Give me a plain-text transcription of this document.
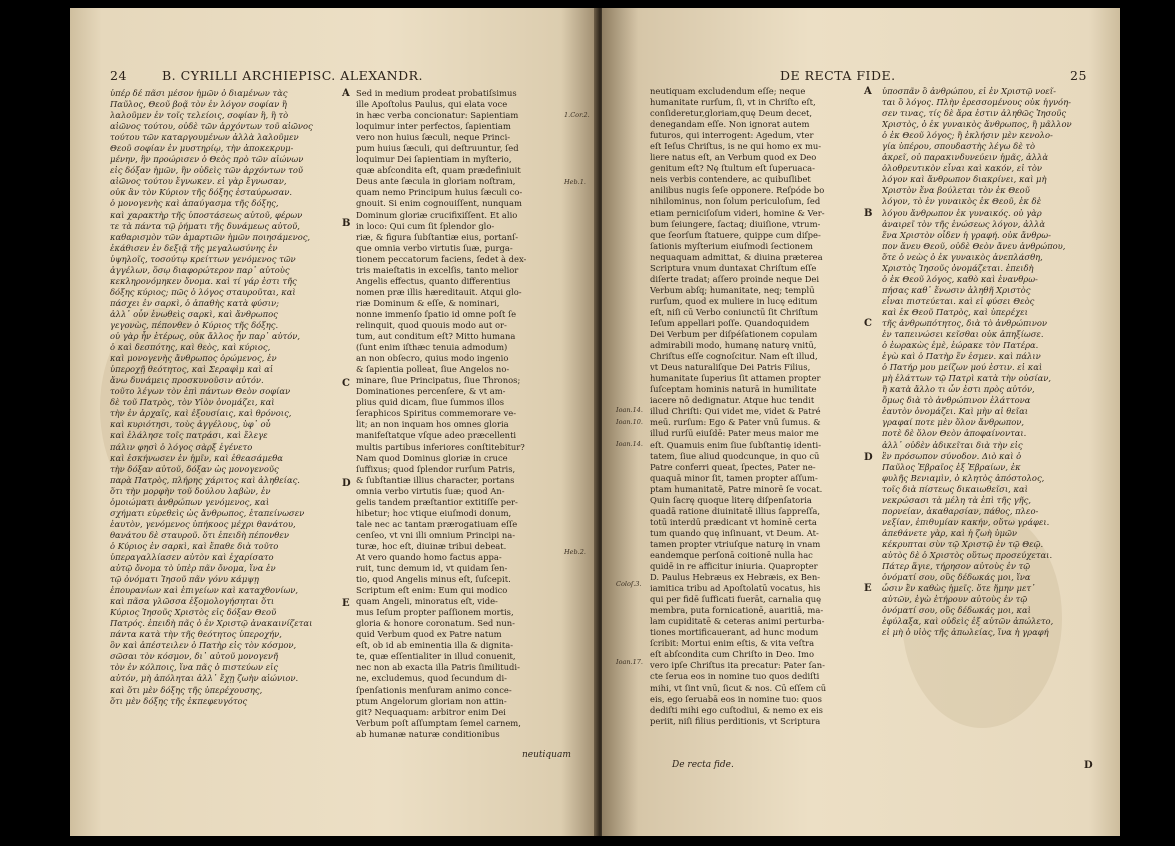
24	B. CYRILLI ARCHIEPISC. ALEXANDR.
ὑπέρ δέ πᾶσι μέσον ἡμῶν ὁ διαμένων τὰς
Παῦλος, Θεοῦ βοᾷ τὸν ἐν λόγον σοφίαν ἢ
λαλοῦμεν ἐν τοῖς τελείοις, σοφίαν ἢ, ἣ τὸ
αἰῶνος τούτου, οὐδὲ τῶν ἀρχόντων τοῦ αἰῶνος
τούτου τῶν καταργουμένων ἀλλὰ λαλοῦμεν
Θεοῦ σοφίαν ἐν μυστηρίῳ, τὴν ἀποκεκρυμ-
μένην, ἣν προώρισεν ὁ Θεὸς πρὸ τῶν αἰώνων
εἰς δόξαν ἡμῶν, ἣν οὐδεὶς τῶν ἀρχόντων τοῦ
αἰῶνος τούτου ἔγνωκεν. εἰ γὰρ ἔγνωσαν,
οὐκ ἂν τὸν Κύριον τῆς δόξης ἐσταύρωσαν.
ὁ μονογενὴς καὶ ἀπαύγασμα τῆς δόξης,
καὶ χαρακτὴρ τῆς ὑποστάσεως αὐτοῦ, φέρων
τε τὰ πάντα τῷ ῥήματι τῆς δυνάμεως αὐτοῦ,
καθαρισμὸν τῶν ἁμαρτιῶν ἡμῶν ποιησάμενος,
ἐκάθισεν ἐν δεξιᾷ τῆς μεγαλωσύνης ἐν
ὑψηλοῖς, τοσούτῳ κρείττων γενόμενος τῶν
ἀγγέλων, ὅσῳ διαφορώτερον παρ᾽ αὐτοὺς
κεκληρονόμηκεν ὄνομα. καὶ τί γάρ ἐστι τῆς
δόξης κύριος; πῶς ὁ λόγος σταυροῦται, καὶ
πάσχει ἐν σαρκὶ, ὁ ἀπαθὴς κατὰ φύσιν;
ἀλλ᾽ οὖν ἑνωθεὶς σαρκὶ, καὶ ἄνθρωπος
γεγονὼς, πέπονθεν ὁ Κύριος τῆς δόξης.
οὐ γὰρ ἦν ἑτέρως, οὐκ ἄλλος ἦν παρ᾽ αὐτόν,
ὁ καὶ δεσπότης, καὶ θεὸς, καὶ κύριος,
καὶ μονογενὴς ἄνθρωπος ὁρώμενος, ἐν
ὑπεροχῇ θεότητος, καὶ Σεραφὶμ καὶ αἱ
ἄνω δυνάμεις προσκυνοῦσιν αὐτόν.
τοῦτο λέγων τὸν ἐπὶ πάντων Θεὸν σοφίαν
δὲ τοῦ Πατρὸς, τὸν Υἱὸν ὀνομάζει, καὶ
τὴν ἐν ἀρχαῖς, καὶ ἐξουσίαις, καὶ θρόνοις,
καὶ κυριότησι, τοὺς ἀγγέλους, ὑφ᾽ οὗ
καὶ ἐλάλησε τοῖς πατράσι, καὶ ἔλεγε
πάλιν φησὶ ὁ λόγος σὰρξ ἐγένετο
καὶ ἐσκήνωσεν ἐν ἡμῖν, καὶ ἐθεασάμεθα
τὴν δόξαν αὐτοῦ, δόξαν ὡς μονογενοῦς
παρὰ Πατρὸς, πλήρης χάριτος καὶ ἀληθείας.
ὅτι τὴν μορφὴν τοῦ δούλου λαβὼν, ἐν
ὁμοιώματι ἀνθρώπων γενόμενος, καὶ
σχήματι εὑρεθεὶς ὡς ἄνθρωπος, ἐταπείνωσεν
ἑαυτὸν, γενόμενος ὑπήκοος μέχρι θανάτου,
θανάτου δὲ σταυροῦ. ὅτι ἐπειδὴ πέπονθεν
ὁ Κύριος ἐν σαρκὶ, καὶ ἔπαθε διὰ τοῦτο
ὑπεραγαλλίασεν αὐτὸν καὶ ἐχαρίσατο
αὐτῷ ὄνομα τὸ ὑπὲρ πᾶν ὄνομα, ἵνα ἐν
τῷ ὀνόματι Ἰησοῦ πᾶν γόνυ κάμψῃ
ἐπουρανίων καὶ ἐπιγείων καὶ καταχθονίων,
καὶ πᾶσα γλῶσσα ἐξομολογήσηται ὅτι
Κύριος Ἰησοῦς Χριστὸς εἰς δόξαν Θεοῦ
Πατρός. ἐπειδὴ πᾶς ὁ ἐν Χριστῷ ἀνακαινίζεται
πάντα κατὰ τὴν τῆς θεότητος ὑπεροχήν,
ὃν καὶ ἀπέστειλεν ὁ Πατὴρ εἰς τὸν κόσμον,
σῶσαι τὸν κόσμον, δι᾽ αὐτοῦ μονογενῆ
τὸν ἐν κόλποις, ἵνα πᾶς ὁ πιστεύων εἰς
αὐτόν, μὴ ἀπόληται ἀλλ᾽ ἔχῃ ζωὴν αἰώνιον.
καὶ ὅτι μὲν δόξης τῆς ὑπερέχουσης,
ὅτι μὲν δόξης τῆς ἐκπεφευγότος
Sed in medium prodeat probatiſsimus
ille Apoſtolus Paulus, qui elata voce
in hæc verba concionatur: Sapientiam
loquimur inter perfectos, ſapientiam
vero non huius ſæculi, neque Princi-
pum huius ſæculi, qui deſtruuntur, ſed
loquimur Dei ſapientiam in myſterio,
quæ abſcondita eſt, quam prædefiniuit
Deus ante ſæcula in gloriam noſtram,
quam nemo Principum huius ſæculi co-
gnouit. Si enim cognouiſſent, nunquam
Dominum gloriæ crucifixiſſent. Et alio
in loco: Qui cum ſit ſplendor glo-
riæ, & figura ſubſtantiæ eius, portanſ-
que omnia verbo virtutis ſuæ, purga-
tionem peccatorum faciens, ſedet à dex-
tris maieſtatis in excelſis, tanto melior
Angelis effectus, quanto differentius
nomen præ illis hæreditauit. Atqui glo-
riæ Dominum & eſſe, & nominari,
nonne immenſo ſpatio id omne poſt ſe
relinquit, quod quouis modo aut or-
tum, aut conditum eſt? Mitto humana
(ſunt enim iſthæc tenuia admodum)
an non obſecro, quius modo ingenio
& ſapientia polleat, ſiue Angelos no-
minare, ſiue Principatus, ſiue Thronos;
Dominationes percenſere, & vt am-
plius quid dicam, ſiue ſummos illos
ſeraphicos Spiritus commemorare ve-
lit; an non inquam hos omnes gloria
manifeſtatque vſque adeo præcellenti
multis partibus inferiores conſtitebitur?
Nam quod Dominus gloriæ in cruce
ſuffixus; quod ſplendor rurſum Patris,
& ſubſtantiæ illius character, portans
omnia verbo virtutis ſuæ; quod An-
gelis tandem præſtantior extitiſſe per-
hibetur; hoc vtique eiuſmodi donum,
tale nec ac tantam prærogatiuam eſſe
cenſeo, vt vni illi omnium Principi na-
turæ, hoc eſt, diuinæ tribui debeat.
At vero quando homo factus appa-
ruit, tunc demum id, vt quidam ſen-
tio, quod Angelis minus eſt, ſuſcepit.
Scriptum eſt enim: Eum qui modico
quam Angeli, minoratus eſt, vide-
mus Ieſum propter paſſionem mortis,
gloria & honore coronatum. Sed nun-
quid Verbum quod ex Patre natum
eſt, ob id ab eminentia illa & dignita-
te, quæ eſſentialiter in illud conuenit,
nec non ab exacta illa Patris ſimilitudi-
ne, excludemus, quod ſecundum di-
ſpenſationis menſuram animo conce-
ptum Angelorum gloriam non attin-
git? Nequaquam: arbitror enim Dei
Verbum poſt aſſumptam ſemel carnem,
ab humanæ naturæ conditionibus
A
B
C
D
E
1.Cor.2.
Heb.1.
Heb.2.
neutiquam
DE RECTA FIDE.	25
neutiquam excludendum eſſe; neque
humanitate rurſum, ſi, vt in Chriſto eſt,
conſideretur,gloriam,quę Deum decet,
denegandam eſſe. Non ignorat autem
futuros, qui interrogent: Agedum, vter
eſt Ieſus Chriſtus, is ne qui homo ex mu-
liere natus eſt, an Verbum quod ex Deo
genitum eſt? Nę ſtultum eſt ſuperuaca-
neis verbis contendere, ac quibuſlibet
anilibus nugis ſeſe opponere. Reſpóde bo
nihilominus, non ſolum periculoſum, ſed
etiam perniciſoſum videri, homine & Ver-
bum ſeiungere, ſactaq; diuiſione, vtrum-
que ſeorſum ſtatuere, quippe cum diſpe-
ſationis myſterium eiuſmodi ſectionem
nequaquam admittat, & diuina præterea
Scriptura vnum duntaxat Chriſtum eſſe
diſerte tradat; aſſero proinde neque Dei
Verbum abſq; humanitate, neq; templū
rurſum, quod ex muliere in lucę editum
eſt, niſi cū Verbo coniunctū ſit Chriſtum
Ieſum appellari poſſe. Quandoquidem
Dei Verbum per diſpéſationem copulam
admirabili modo, humanę naturę vnitū,
Chriſtus eſſe cognoſcitur. Nam eſt illud,
vt Deus naturaliſque Dei Patris Filius,
humanitate ſuperius ſit attamen propter
ſuſceptam hominis naturā in humilitate
iacere nō dedignatur. Atque huc tendit
illud Chriſti: Qui videt me, videt & Patré
meū. rurſum: Ego & Pater vnū ſumus. &
illud rurſū eiuſdē: Pater meus maior me
eſt. Quamuis enim ſiue ſubſtantię identi-
tatem, ſiue aliud quodcunque, in quo cū
Patre conferri queat, ſpectes, Pater ne-
quaquā minor ſit, tamen propter aſſum-
ptam humanitatē, Patre minorē ſe vocat.
Quin ſacrę quoque literę diſpenſatoria
quadā ratione diuinitatē illius ſappreſſa,
totū interdū prædicant vt hominē certa
tum quando quę inſinuant, vt Deum. At-
tamen propter vtriuſque naturę in vnam
eandemque perſonā coitionē nulla hac
quidē in re afficitur iniuria. Quapropter
D. Paulus Hebræus ex Hebræis, ex Ben-
iamitica tribu ad Apoſtolatū vocatus, his
qui per fidē ſufficati fuerāt, carnalia quę
membra, puta fornicationē, auaritiā, ma-
lam cupiditatē & ceteras animi perturba-
tiones mortificauerant, ad hunc modum
ſcribit: Mortui enim eſtis, & vita veſtra
eſt abſcondita cum Chriſto in Deo. Imo
vero ipſe Chriſtus ita precatur: Pater ſan-
cte ſerua eos in nomine tuo quos dediſti
mihi, vt ſint vnū, ſicut & nos. Cū eſſem cū
eis, ego ſeruabā eos in nomine tuo: quos
dediſti mihi ego cuſtodiui, & nemo ex eis
periit, niſi filius perditionis, vt Scriptura
ὑποσπᾶν ὃ ἀνθρώπου, εἰ ἐν Χριστῷ νοεῖ-
ται ὃ λόγος. Πλὴν ἐρεσσομένους οὐκ ἠγνόη-
σεν τινας, τίς δὲ ἄρα ἐστιν ἀληθῶς Ἰησοῦς
Χριστὸς, ὁ ἐκ γυναικὸς ἄνθρωπος, ἢ μᾶλλον
ὁ ἐκ Θεοῦ λόγος; ἢ ἐκλήσιν μὲν κενολο-
γία ὑπέρου, σπουδαστὴς λέγω δὲ τὸ
ἀκρεῖ, οὐ παρακινδυνεύειν ἡμᾶς, ἀλλὰ
ὀλοθρευτικὸν εἶναι καὶ κακόν, εἰ τὸν
λόγον καὶ ἄνθρωπον διακρίνει, καὶ μὴ
Χριστὸν ἕνα βούλεται τὸν ἐκ Θεοῦ
λόγον, τὸ ἐν γυναικὸς ἐκ Θεοῦ, ἐκ δὲ
λόγου ἄνθρωπον ἐκ γυναικός. οὐ γὰρ
ἀναιρεῖ τὸν τῆς ἑνώσεως λόγον, ἀλλὰ
ἕνα Χριστὸν οἶδεν ἡ γραφή. οὐκ ἄνθρω-
πον ἄνευ Θεοῦ, οὐδὲ Θεὸν ἄνευ ἀνθρώπου,
ὅτε ὁ νεὼς ὁ ἐκ γυναικὸς ἀνεπλάσθη,
Χριστὸς Ἰησοῦς ὀνομάζεται. ἐπειδὴ
ὁ ἐκ Θεοῦ λόγος, καθὸ καὶ ἐνανθρω-
πήσας καθ᾽ ἕνωσιν ἀληθῆ Χριστὸς
εἶναι πιστεύεται. καὶ εἰ φύσει Θεὸς
καὶ ἐκ Θεοῦ Πατρὸς, καὶ ὑπερέχει
τῆς ἀνθρωπότητος, διὰ τὸ ἀνθρώπινον
ἐν ταπεινώσει κεῖσθαι οὐκ ἀπηξίωσε.
ὁ ἑωρακὼς ἐμὲ, ἑώρακε τὸν Πατέρα.
ἐγὼ καὶ ὁ Πατὴρ ἕν ἐσμεν. καὶ πάλιν
ὁ Πατήρ μου μείζων μού ἐστιν. εἰ καὶ
μὴ ἐλάττων τῷ Πατρὶ κατὰ τὴν οὐσίαν,
ἢ κατὰ ἄλλο τι ὧν ἐστι πρὸς αὐτόν,
ὅμως διὰ τὸ ἀνθρώπινον ἐλάττονα
ἑαυτὸν ὀνομάζει. Καὶ μὴν αἱ θεῖαι
γραφαί ποτε μὲν ὅλον ἄνθρωπον,
ποτὲ δὲ ὅλον Θεὸν ἀποφαίνονται.
ἀλλ᾽ οὐδὲν ἀδικεῖται διὰ τὴν εἰς
ἓν πρόσωπον σύνοδον. Διὸ καὶ ὁ
Παῦλος Ἑβραῖος ἐξ Ἑβραίων, ἐκ
φυλῆς Βενιαμὶν, ὁ κλητὸς ἀπόστολος,
τοῖς διὰ πίστεως δικαιωθεῖσι, καὶ
νεκρώσασι τὰ μέλη τὰ ἐπὶ τῆς γῆς,
πορνείαν, ἀκαθαρσίαν, πάθος, πλεο-
νεξίαν, ἐπιθυμίαν κακήν, οὕτω γράφει.
ἀπεθάνετε γὰρ, καὶ ἡ ζωὴ ὑμῶν
κέκρυπται σὺν τῷ Χριστῷ ἐν τῷ Θεῷ.
αὐτὸς δὲ ὁ Χριστὸς οὕτως προσεύχεται.
Πάτερ ἅγιε, τήρησον αὐτοὺς ἐν τῷ
ὀνόματί σου, οὓς δέδωκάς μοι, ἵνα
ὦσιν ἓν καθὼς ἡμεῖς. ὅτε ἤμην μετ᾽
αὐτῶν, ἐγὼ ἐτήρουν αὐτοὺς ἐν τῷ
ὀνόματί σου, οὓς δέδωκάς μοι, καὶ
ἐφύλαξα, καὶ οὐδεὶς ἐξ αὐτῶν ἀπώλετο,
εἰ μὴ ὁ υἱὸς τῆς ἀπωλείας, ἵνα ἡ γραφή
A
B
C
D
E
Ioan.14.
Ioan.10.
Ioan.14.
Coloſ.3.
Ioan.17.
De recta fide.	D
